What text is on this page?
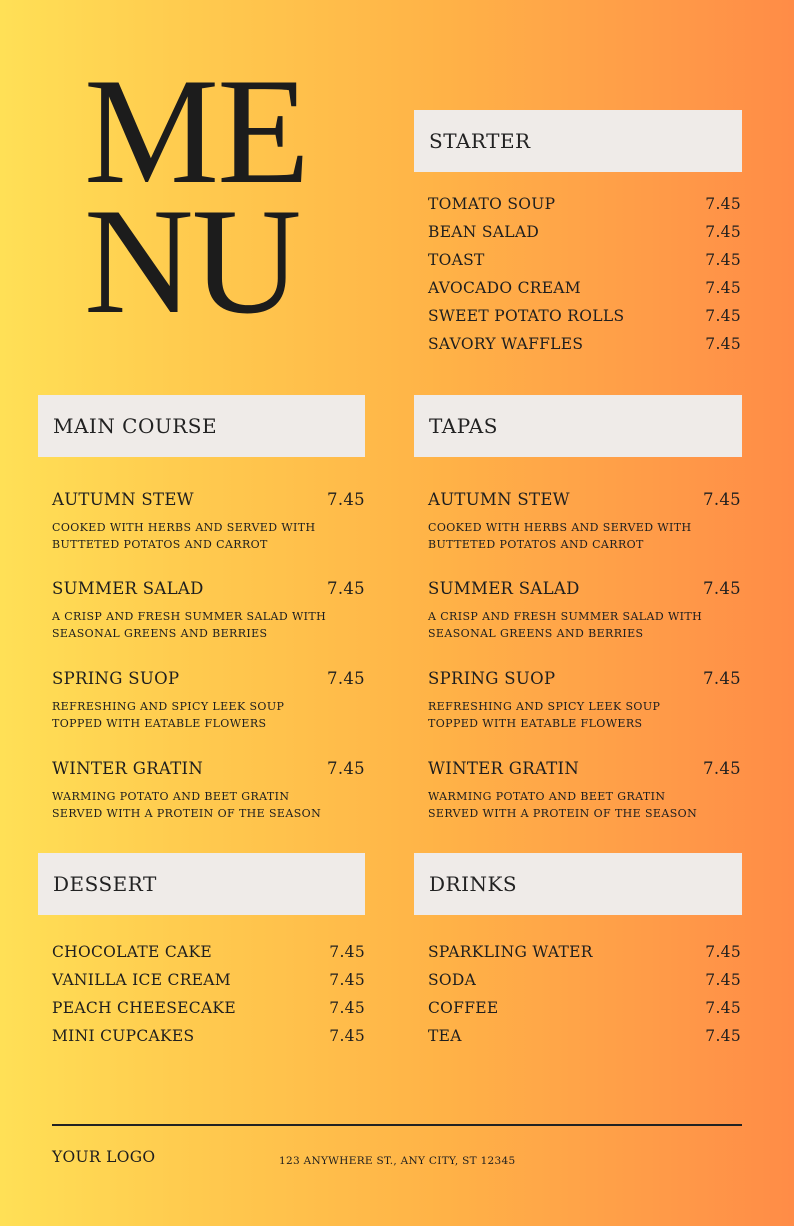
ME
NU
STARTER
TOMATO SOUP	7.45
BEAN SALAD	7.45
TOAST	7.45
AVOCADO CREAM	7.45
SWEET POTATO ROLLS	7.45
SAVORY WAFFLES	7.45
MAIN COURSE
AUTUMN STEW	7.45
COOKED WITH HERBS AND SERVED WITH
BUTTETED POTATOS AND CARROT
SUMMER SALAD	7.45
A CRISP AND FRESH SUMMER SALAD WITH
SEASONAL GREENS AND BERRIES
SPRING SUOP	7.45
REFRESHING AND SPICY LEEK SOUP
TOPPED WITH EATABLE FLOWERS
WINTER GRATIN	7.45
WARMING POTATO AND BEET GRATIN
SERVED WITH A PROTEIN OF THE SEASON
TAPAS
AUTUMN STEW	7.45
COOKED WITH HERBS AND SERVED WITH
BUTTETED POTATOS AND CARROT
SUMMER SALAD	7.45
A CRISP AND FRESH SUMMER SALAD WITH
SEASONAL GREENS AND BERRIES
SPRING SUOP	7.45
REFRESHING AND SPICY LEEK SOUP
TOPPED WITH EATABLE FLOWERS
WINTER GRATIN	7.45
WARMING POTATO AND BEET GRATIN
SERVED WITH A PROTEIN OF THE SEASON
DESSERT
CHOCOLATE CAKE	7.45
VANILLA ICE CREAM	7.45
PEACH CHEESECAKE	7.45
MINI CUPCAKES	7.45
DRINKS
SPARKLING WATER	7.45
SODA	7.45
COFFEE	7.45
TEA	7.45
YOUR LOGO	123 ANYWHERE ST., ANY CITY, ST 12345
